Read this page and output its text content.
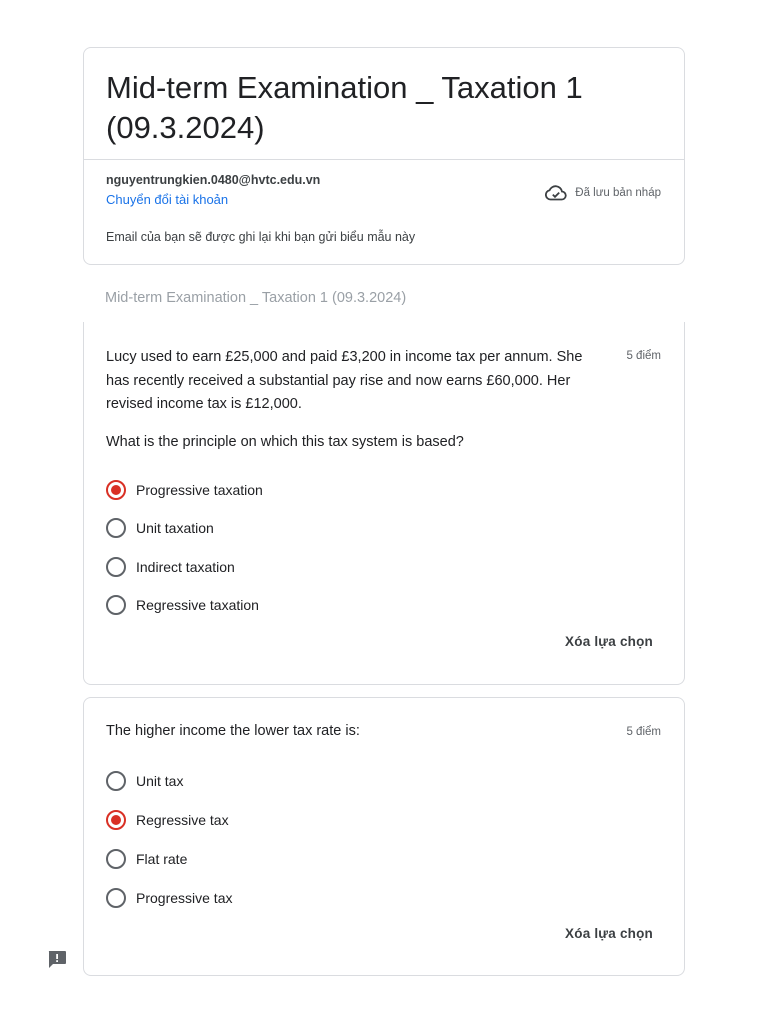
Mid-term Examination _ Taxation 1 (09.3.2024)
nguyentrungkien.0480@hvtc.edu.vn
Chuyển đổi tài khoản	Đã lưu bản nháp
Email của bạn sẽ được ghi lại khi bạn gửi biểu mẫu này
Mid-term Examination _ Taxation 1 (09.3.2024)

Lucy used to earn £25,000 and paid £3,200 in income tax per annum. She has recently received a substantial pay rise and now earns £60,000. Her revised income tax is £12,000.

What is the principle on which this tax system is based?
5 điểm
Progressive taxation
Unit taxation
Indirect taxation
Regressive taxation
Xóa lựa chọn

The higher income the lower tax rate is:	5 điểm
Unit tax
Regressive tax
Flat rate
Progressive tax
Xóa lựa chọn
